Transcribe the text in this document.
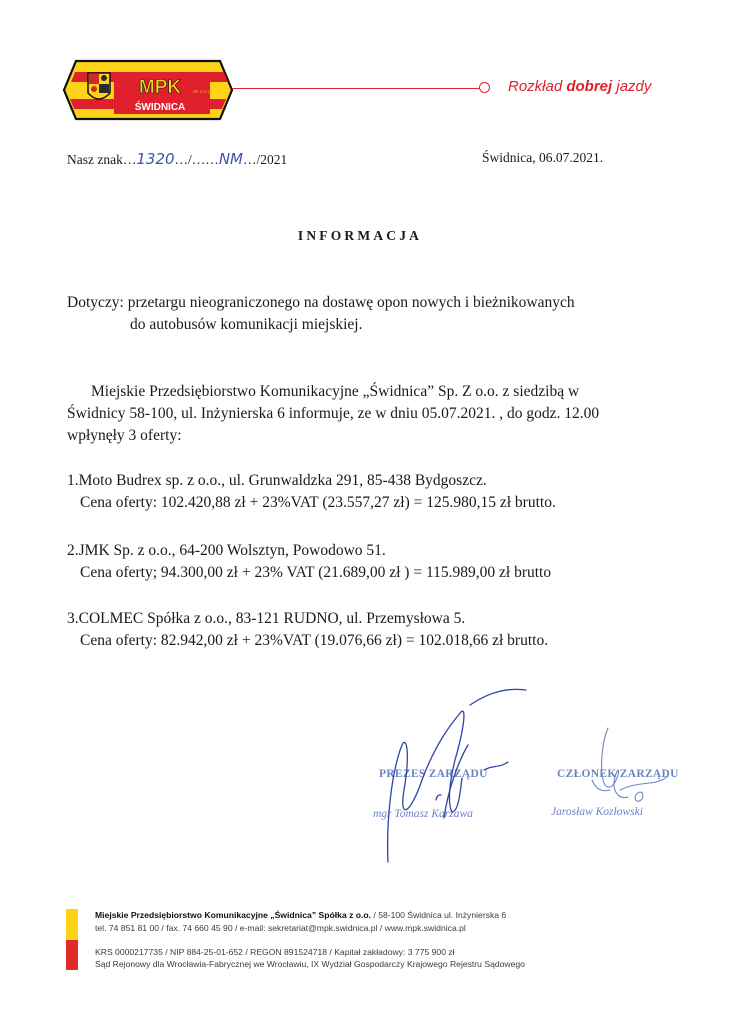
MPK	SP. Z O.O.
ŚWIDNICA
Rozkład dobrej jazdy
Nasz znak…1320…/……NM…/2021	Świdnica, 06.07.2021.
INFORMACJA
Dotyczy: przetargu nieograniczonego na dostawę opon nowych i bieżnikowanych
do autobusów komunikacji miejskiej.
Miejskie Przedsiębiorstwo Komunikacyjne „Świdnica” Sp. Z o.o. z siedzibą w
Świdnicy 58-100, ul. Inżynierska 6 informuje, ze w dniu 05.07.2021. , do godz. 12.00
wpłynęły 3 oferty:
1.Moto Budrex sp. z o.o., ul. Grunwaldzka 291, 85-438 Bydgoszcz.
Cena oferty: 102.420,88 zł + 23%VAT (23.557,27 zł) = 125.980,15 zł brutto.
2.JMK Sp. z o.o., 64-200 Wolsztyn, Powodowo 51.
Cena oferty; 94.300,00 zł + 23% VAT (21.689,00 zł ) = 115.989,00 zł brutto
3.COLMEC Spółka z o.o., 83-121 RUDNO, ul. Przemysłowa 5.
Cena oferty: 82.942,00 zł + 23%VAT (19.076,66 zł) = 102.018,66 zł brutto.
PREZES ZARZĄDU
mgr Tomasz Karzawa
CZŁONEK ZARZĄDU
Jarosław Kozłowski
Miejskie Przedsiębiorstwo Komunikacyjne „Świdnica” Spółka z o.o. / 58-100 Świdnica ul. Inżynierska 6
tel. 74 851 81 00 / fax. 74 660 45 90 / e-mail: sekretariat@mpk.swidnica.pl / www.mpk.swidnica.pl
KRS 0000217735 / NIP 884-25-01-652 / REGON 891524718 / Kapitał zakładowy: 3 775 900 zł
Sąd Rejonowy dla Wrocławia-Fabrycznej we Wrocławiu, IX Wydział Gospodarczy Krajowego Rejestru Sądowego
